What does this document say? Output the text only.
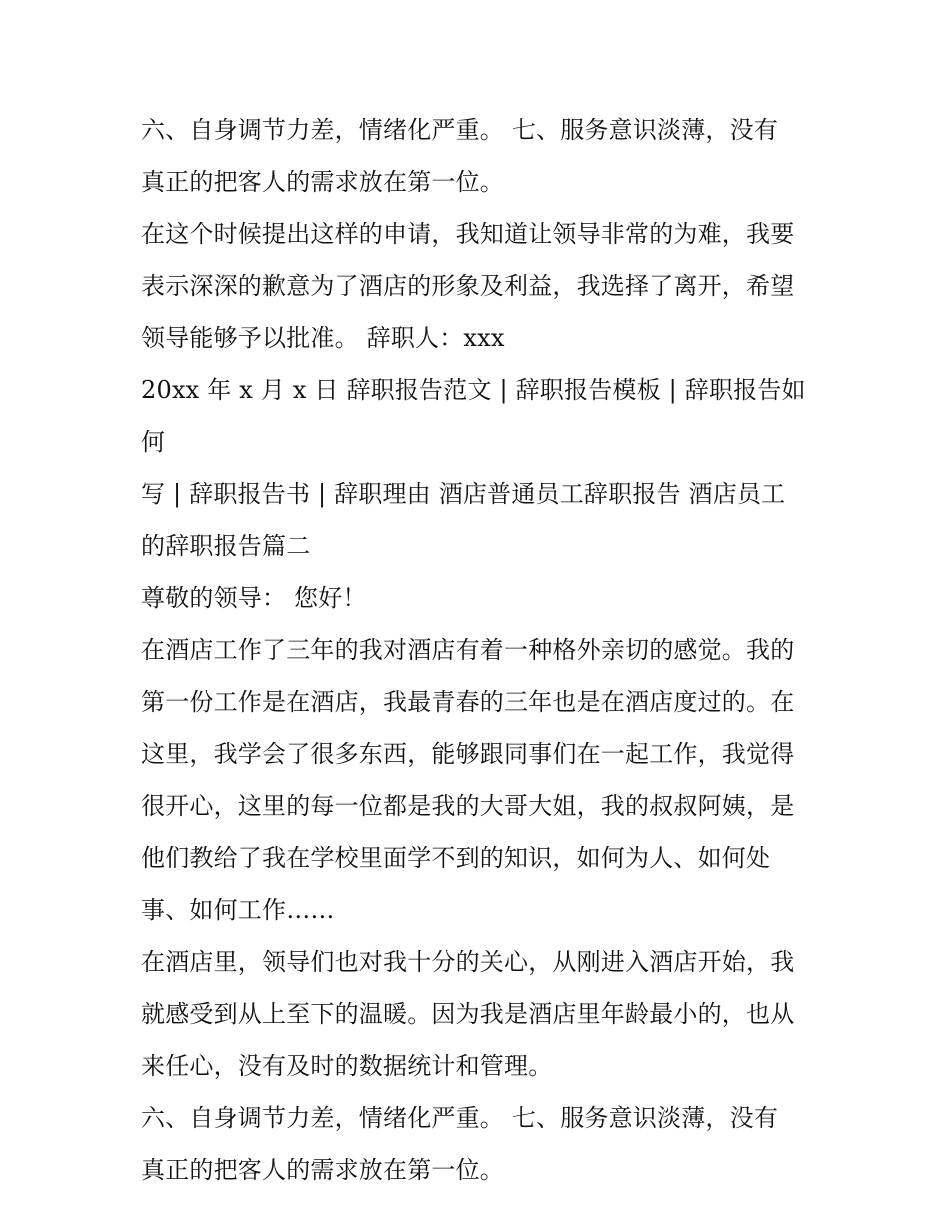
六、自身调节力差，情绪化严重。 七、服务意识淡薄，没有
真正的把客人的需求放在第一位。

在这个时候提出这样的申请，我知道让领导非常的为难，我要
表示深深的歉意为了酒店的形象及利益，我选择了离开，希望
领导能够予以批准。 辞职人：xxx

20xx 年 x 月 x 日 辞职报告范文 | 辞职报告模板 | 辞职报告如何
写 | 辞职报告书 | 辞职理由 酒店普通员工辞职报告 酒店员工
的辞职报告篇二

尊敬的领导： 您好！

在酒店工作了三年的我对酒店有着一种格外亲切的感觉。我的
第一份工作是在酒店，我最青春的三年也是在酒店度过的。在
这里，我学会了很多东西，能够跟同事们在一起工作，我觉得
很开心，这里的每一位都是我的大哥大姐，我的叔叔阿姨，是
他们教给了我在学校里面学不到的知识，如何为人、如何处
事、如何工作……

在酒店里，领导们也对我十分的关心，从刚进入酒店开始，我
就感受到从上至下的温暖。因为我是酒店里年龄最小的，也从
来任心，没有及时的数据统计和管理。

六、自身调节力差，情绪化严重。 七、服务意识淡薄，没有
真正的把客人的需求放在第一位。
